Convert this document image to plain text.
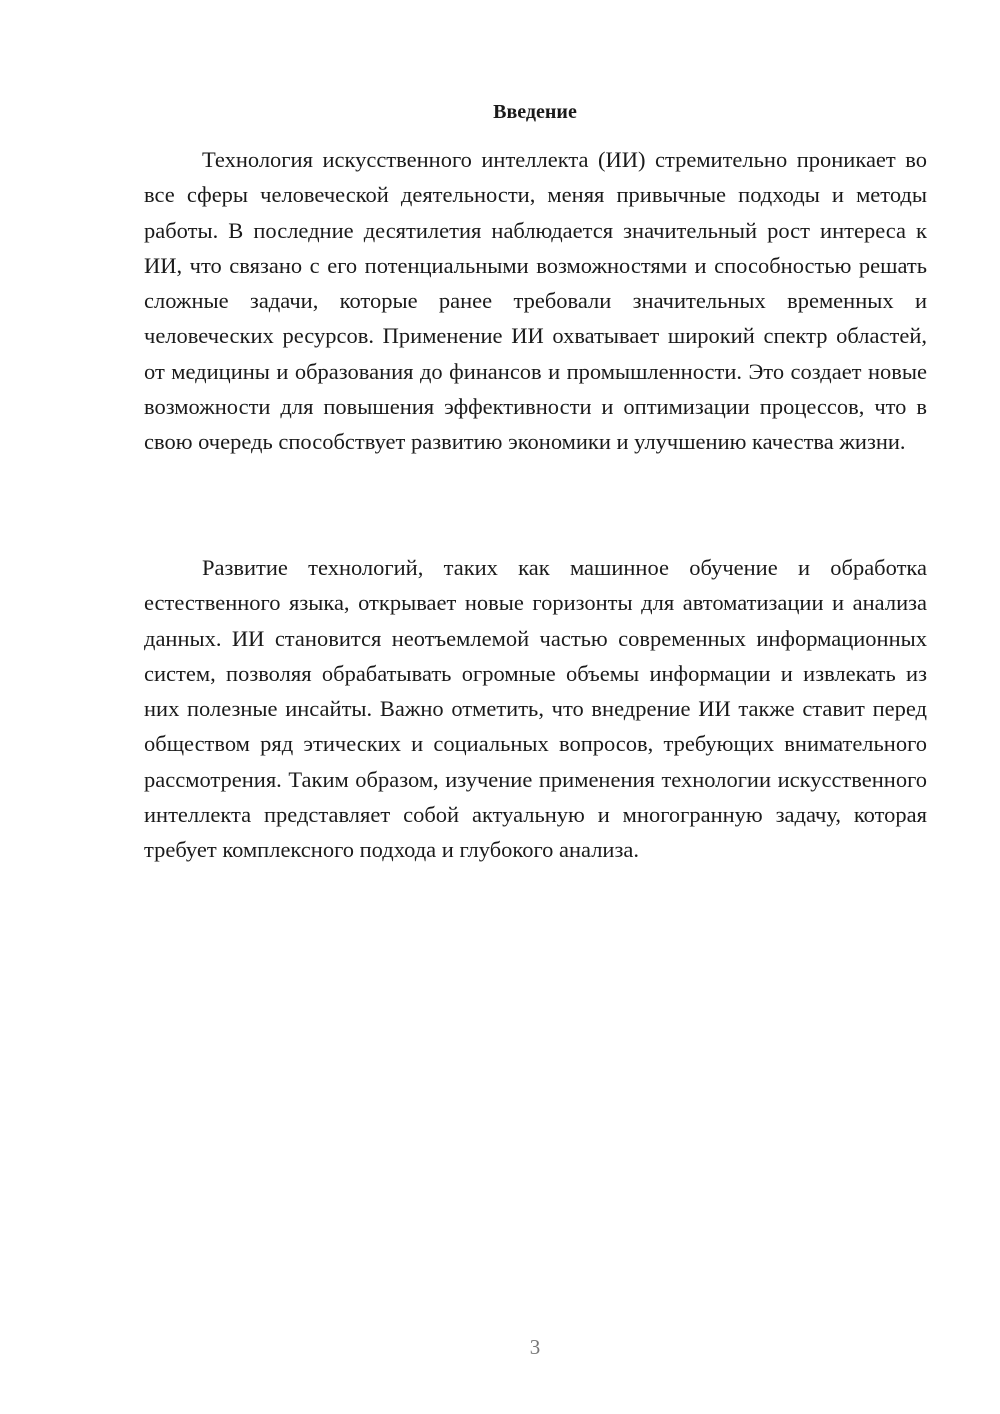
Введение

Технология искусственного интеллекта (ИИ) стремительно проникает во все сферы человеческой деятельности, меняя привычные подходы и методы работы. В последние десятилетия наблюдается значительный рост интереса к ИИ, что связано с его потенциальными возможностями и способностью решать сложные задачи, которые ранее требовали значительных временных и человеческих ресурсов. Применение ИИ охватывает широкий спектр областей, от медицины и образования до финансов и промышленности. Это создает новые возможности для повышения эффективности и оптимизации процессов, что в свою очередь способствует развитию экономики и улучшению качества жизни.

Развитие технологий, таких как машинное обучение и обработка естественного языка, открывает новые горизонты для автоматизации и анализа данных. ИИ становится неотъемлемой частью современных информационных систем, позволяя обрабатывать огромные объемы информации и извлекать из них полезные инсайты. Важно отметить, что внедрение ИИ также ставит перед обществом ряд этических и социальных вопросов, требующих внимательного рассмотрения. Таким образом, изучение применения технологии искусственного интеллекта представляет собой актуальную и многогранную задачу, которая требует комплексного подхода и глубокого анализа.

3
